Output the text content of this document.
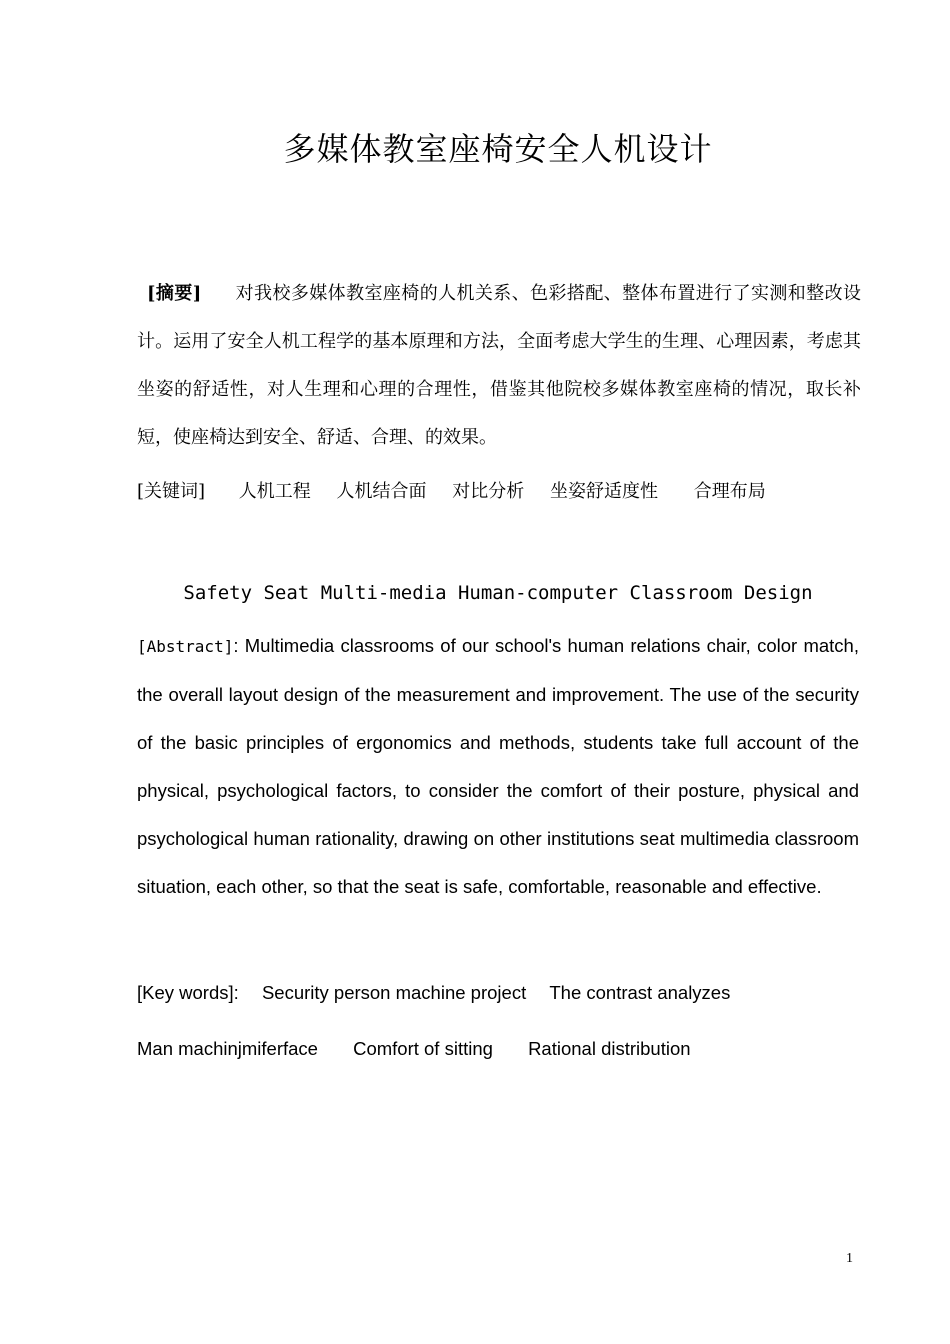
多媒体教室座椅安全人机设计
[摘要] 对我校多媒体教室座椅的人机关系、色彩搭配、整体布置进行了实测和整改设计。运用了安全人机工程学的基本原理和方法，全面考虑大学生的生理、心理因素，考虑其坐姿的舒适性，对人生理和心理的合理性，借鉴其他院校多媒体教室座椅的情况，取长补短，使座椅达到安全、舒适、合理、的效果。
[关键词] 人机工程 人机结合面 对比分析 坐姿舒适度性 合理布局
Safety Seat Multi-media Human-computer Classroom Design
[Abstract]: Multimedia classrooms of our school's human relations chair, color match, the overall layout design of the measurement and improvement. The use of the security of the basic principles of ergonomics and methods, students take full account of the physical, psychological factors, to consider the comfort of their posture, physical and psychological human rationality, drawing on other institutions seat multimedia classroom situation, each other, so that the seat is safe, comfortable, reasonable and effective.
[Key words]: Security person machine project The contrast analyzes
Man machinjmiferface Comfort of sitting Rational distribution
1
